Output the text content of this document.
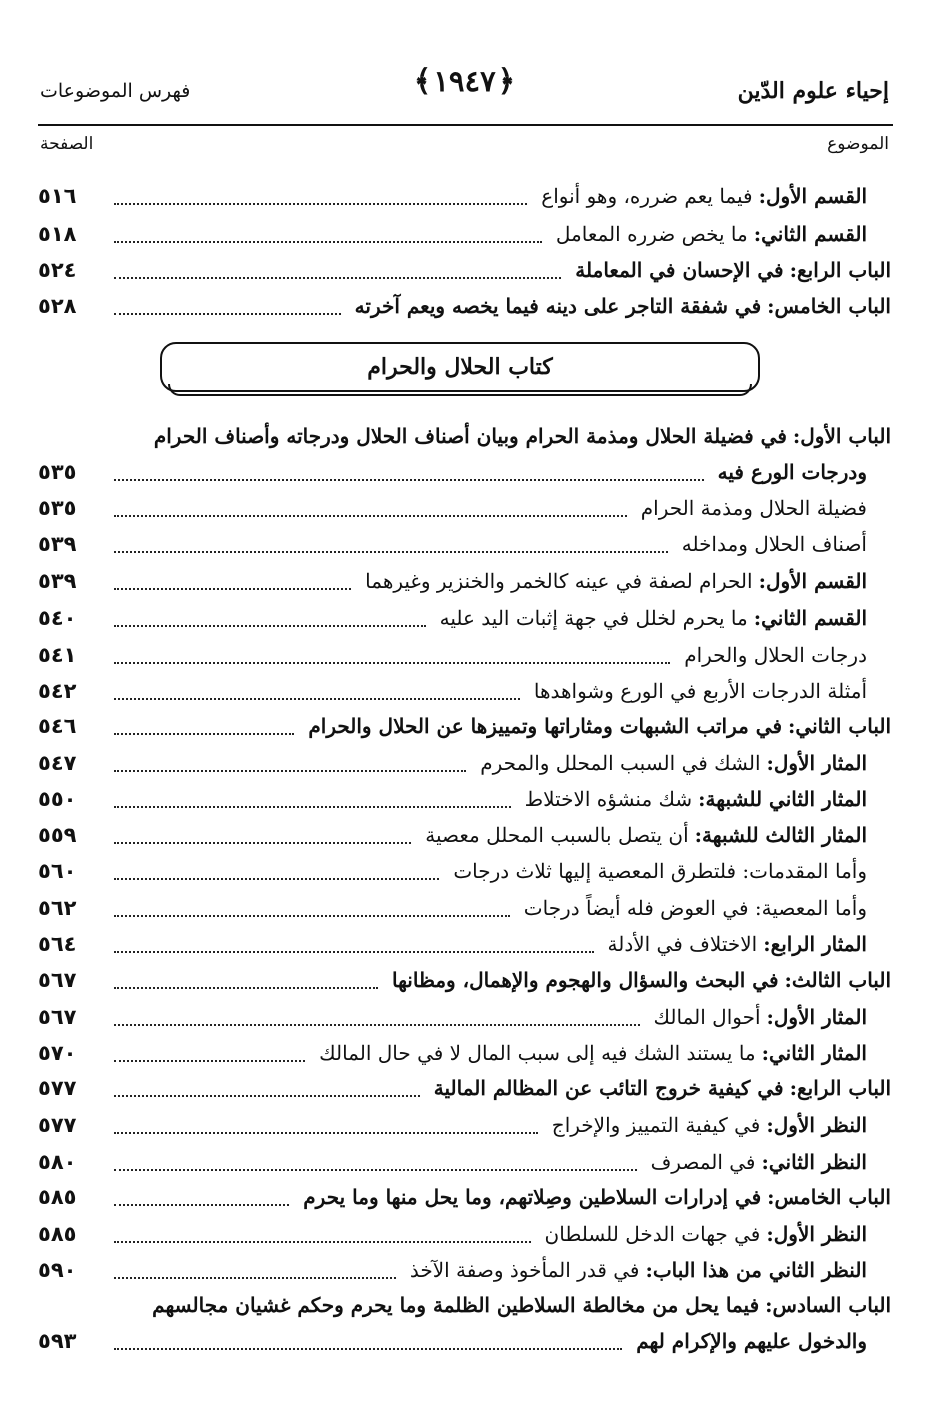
إحياء علوم الدّين
﴿١٩٤٧﴾
فهرس الموضوعات
الموضوع
الصفحة
القسم الأول:
فيما يعم ضرره، وهو أنواع
٥١٦
القسم الثاني:
ما يخص ضرره المعامل
٥١٨
الباب الرابع:
في الإحسان في المعاملة
٥٢٤
الباب الخامس:
في شفقة التاجر على دينه فيما يخصه ويعم آخرته
٥٢٨
كتاب الحلال والحرام
الباب الأول:
في فضيلة الحلال ومذمة الحرام وبيان أصناف الحلال ودرجاته وأصناف الحرام
ودرجات الورع فيه
٥٣٥
فضيلة الحلال ومذمة الحرام
٥٣٥
أصناف الحلال ومداخله
٥٣٩
القسم الأول:
الحرام لصفة في عينه كالخمر والخنزير وغيرهما
٥٣٩
القسم الثاني:
ما يحرم لخلل في جهة إثبات اليد عليه
٥٤٠
درجات الحلال والحرام
٥٤١
أمثلة الدرجات الأربع في الورع وشواهدها
٥٤٢
الباب الثاني:
في مراتب الشبهات ومثاراتها وتمييزها عن الحلال والحرام
٥٤٦
المثار الأول:
الشك في السبب المحلل والمحرم
٥٤٧
المثار الثاني للشبهة:
شك منشؤه الاختلاط
٥٥٠
المثار الثالث للشبهة:
أن يتصل بالسبب المحلل معصية
٥٥٩
وأما المقدمات: فلتطرق المعصية إليها ثلاث درجات
٥٦٠
وأما المعصية: في العوض فله أيضاً درجات
٥٦٢
المثار الرابع:
الاختلاف في الأدلة
٥٦٤
الباب الثالث:
في البحث والسؤال والهجوم والإهمال، ومظانها
٥٦٧
المثار الأول:
أحوال المالك
٥٦٧
المثار الثاني:
ما يستند الشك فيه إلى سبب المال لا في حال المالك
٥٧٠
الباب الرابع:
في كيفية خروج التائب عن المظالم المالية
٥٧٧
النظر الأول:
في كيفية التمييز والإخراج
٥٧٧
النظر الثاني:
في المصرف
٥٨٠
الباب الخامس:
في إدرارات السلاطين وصِلاتهم، وما يحل منها وما يحرم
٥٨٥
النظر الأول:
في جهات الدخل للسلطان
٥٨٥
النظر الثاني من هذا الباب:
في قدر المأخوذ وصفة الآخذ
٥٩٠
الباب السادس:
فيما يحل من مخالطة السلاطين الظلمة وما يحرم وحكم غشيان مجالسهم
والدخول عليهم والإكرام لهم
٥٩٣
